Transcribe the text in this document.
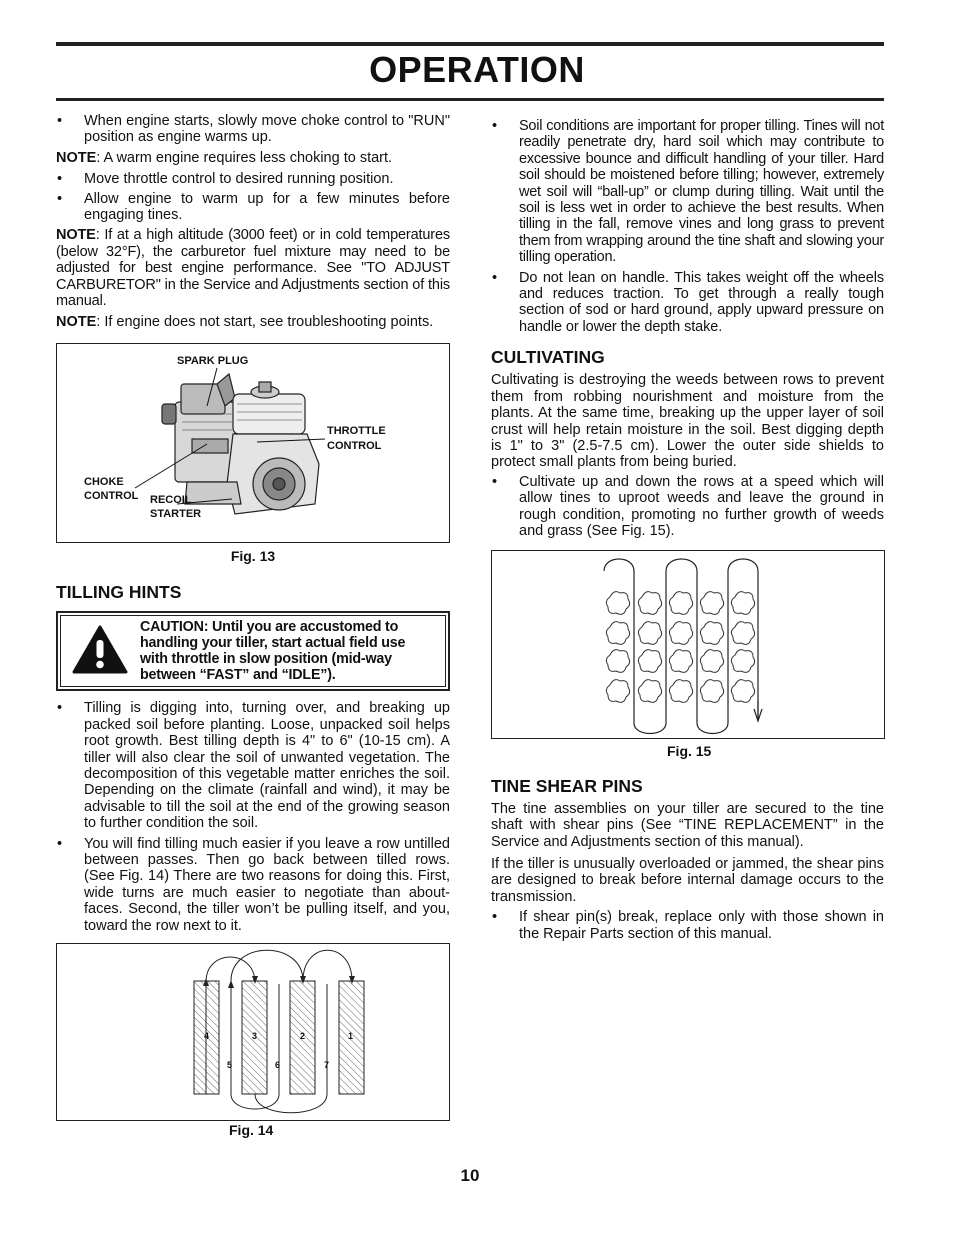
OPERATION
• When engine starts, slowly move choke control to "RUN" position as engine warms up.
NOTE: A warm engine requires less choking to start.
• Move throttle control to desired running position.
• Allow engine to warm up for a few minutes before engaging tines.
NOTE: If at a high altitude (3000 feet) or in cold temperatures (below 32°F), the carburetor fuel mixture may need to be adjusted for best engine performance. See "TO ADJUST CARBURETOR" in the Service and Adjustments section of this manual.
NOTE: If engine does not start, see troubleshooting points.
SPARK PLUG
THROTTLE
CONTROL
CHOKE
CONTROL RECOIL
STARTER
Fig. 13
TILLING HINTS
CAUTION: Until you are accustomed to handling your tiller, start actual field use with throttle in slow position (mid-way between “FAST” and “IDLE”).
• Tilling is digging into, turning over, and breaking up packed soil before planting. Loose, unpacked soil helps root growth. Best tilling depth is 4" to 6" (10-15 cm). A tiller will also clear the soil of unwanted vegetation. The decomposition of this vegetable matter enriches the soil. Depending on the climate (rainfall and wind), it may be advisable to till the soil at the end of the growing season to further condition the soil.
• You will find tilling much easier if you leave a row untilled between passes. Then go back between tilled rows. (See Fig. 14) There are two reasons for doing this. First, wide turns are much easier to negotiate than about-faces. Second, the tiller won’t be pulling itself, and you, toward the row next to it.
4	3	2	1
5	6	7
Fig. 14
• Soil conditions are important for proper tilling. Tines will not readily penetrate dry, hard soil which may contribute to excessive bounce and difficult handling of your tiller. Hard soil should be moistened before tilling; however, extremely wet soil will “ball-up” or clump during tilling. Wait until the soil is less wet in order to achieve the best results. When tilling in the fall, remove vines and long grass to prevent them from wrapping around the tine shaft and slowing your tilling operation.
• Do not lean on handle. This takes weight off the wheels and reduces traction. To get through a really tough section of sod or hard ground, apply upward pressure on handle or lower the depth stake.
CULTIVATING
Cultivating is destroying the weeds between rows to prevent them from robbing nourishment and moisture from the plants. At the same time, breaking up the upper layer of soil crust will help retain moisture in the soil. Best digging depth is 1" to 3" (2.5-7.5 cm). Lower the outer side shields to protect small plants from being buried.
• Cultivate up and down the rows at a speed which will allow tines to uproot weeds and leave the ground in rough condition, promoting no further growth of weeds and grass (See Fig. 15).
Fig. 15
TINE SHEAR PINS
The tine assemblies on your tiller are secured to the tine shaft with shear pins (See “TINE REPLACEMENT” in the Service and Adjustments section of this manual).
If the tiller is unusually overloaded or jammed, the shear pins are designed to break before internal damage occurs to the transmission.
• If shear pin(s) break, replace only with those shown in the Repair Parts section of this manual.
10
